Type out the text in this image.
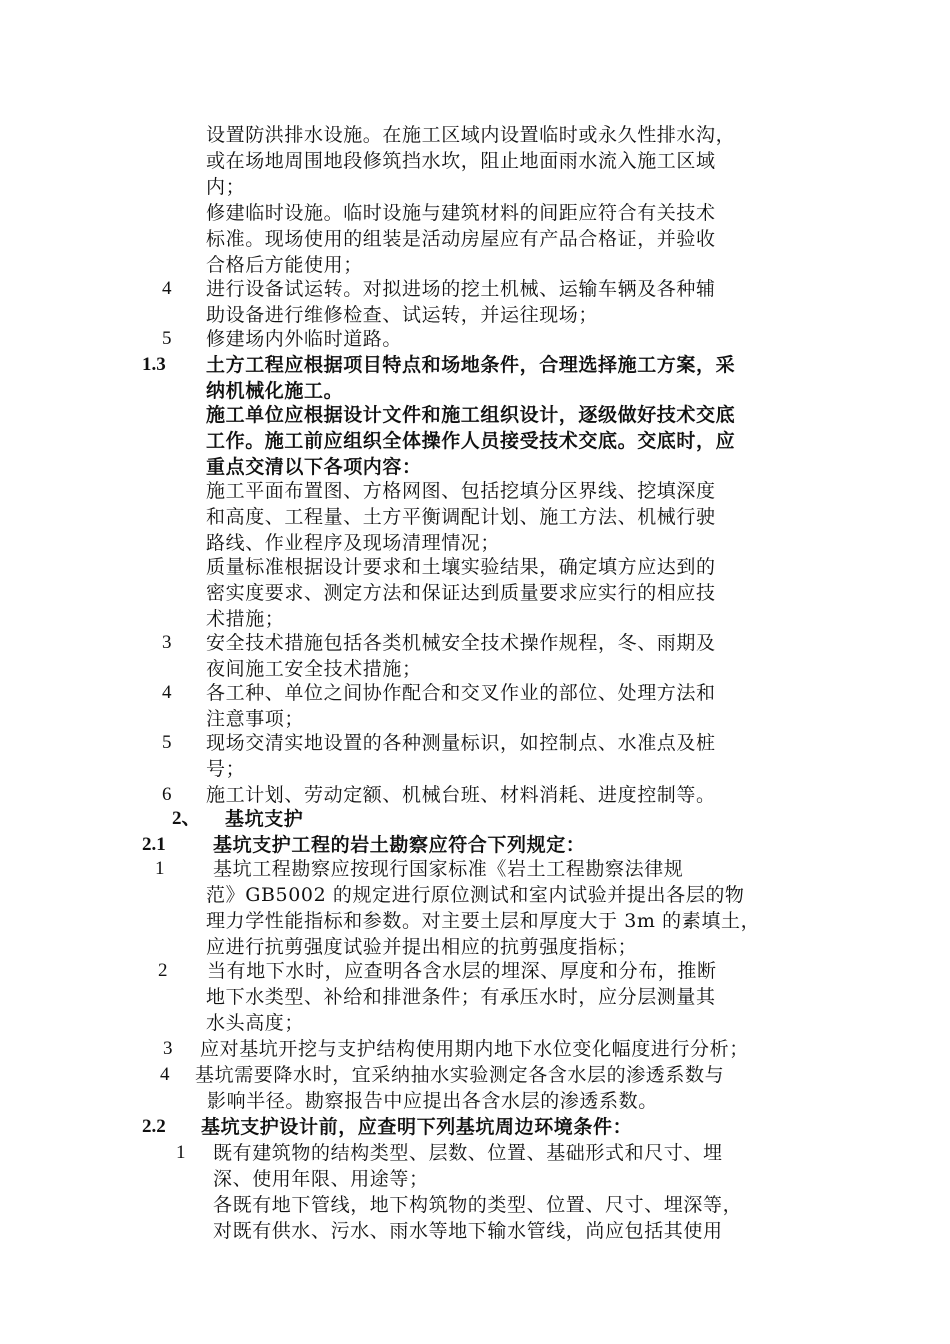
设置防洪排水设施。在施工区域内设置临时或永久性排水沟，
或在场地周围地段修筑挡水坎，阻止地面雨水流入施工区域
内；
修建临时设施。临时设施与建筑材料的间距应符合有关技术
标准。现场使用的组装是活动房屋应有产品合格证，并验收
合格后方能使用；
4 进行设备试运转。对拟进场的挖土机械、运输车辆及各种辅
助设备进行维修检查、试运转，并运往现场；
5 修建场内外临时道路。
1.3 土方工程应根据项目特点和场地条件，合理选择施工方案，采
纳机械化施工。
施工单位应根据设计文件和施工组织设计，逐级做好技术交底
工作。施工前应组织全体操作人员接受技术交底。交底时，应
重点交清以下各项内容：
施工平面布置图、方格网图、包括挖填分区界线、挖填深度
和高度、工程量、土方平衡调配计划、施工方法、机械行驶
路线、作业程序及现场清理情况；
质量标准根据设计要求和土壤实验结果，确定填方应达到的
密实度要求、测定方法和保证达到质量要求应实行的相应技
术措施；
3 安全技术措施包括各类机械安全技术操作规程，冬、雨期及
夜间施工安全技术措施；
4 各工种、单位之间协作配合和交叉作业的部位、处理方法和
注意事项；
5 现场交清实地设置的各种测量标识，如控制点、水准点及桩
号；
6 施工计划、劳动定额、机械台班、材料消耗、进度控制等。
2、 基坑支护
2.1 基坑支护工程的岩土勘察应符合下列规定：
1	基坑工程勘察应按现行国家标准《岩土工程勘察法律规
范》GB5002 的规定进行原位测试和室内试验并提出各层的物
理力学性能指标和参数。对主要土层和厚度大于 3m 的素填土，
应进行抗剪强度试验并提出相应的抗剪强度指标；
2 当有地下水时，应查明各含水层的埋深、厚度和分布，推断
地下水类型、补给和排泄条件；有承压水时，应分层测量其
水头高度；
3 应对基坑开挖与支护结构使用期内地下水位变化幅度进行分析；
4 基坑需要降水时，宜采纳抽水实验测定各含水层的渗透系数与
影响半径。勘察报告中应提出各含水层的渗透系数。
2.2 基坑支护设计前，应查明下列基坑周边环境条件：
1 既有建筑物的结构类型、层数、位置、基础形式和尺寸、埋
深、使用年限、用途等；
各既有地下管线，地下构筑物的类型、位置、尺寸、埋深等，
对既有供水、污水、雨水等地下输水管线，尚应包括其使用
